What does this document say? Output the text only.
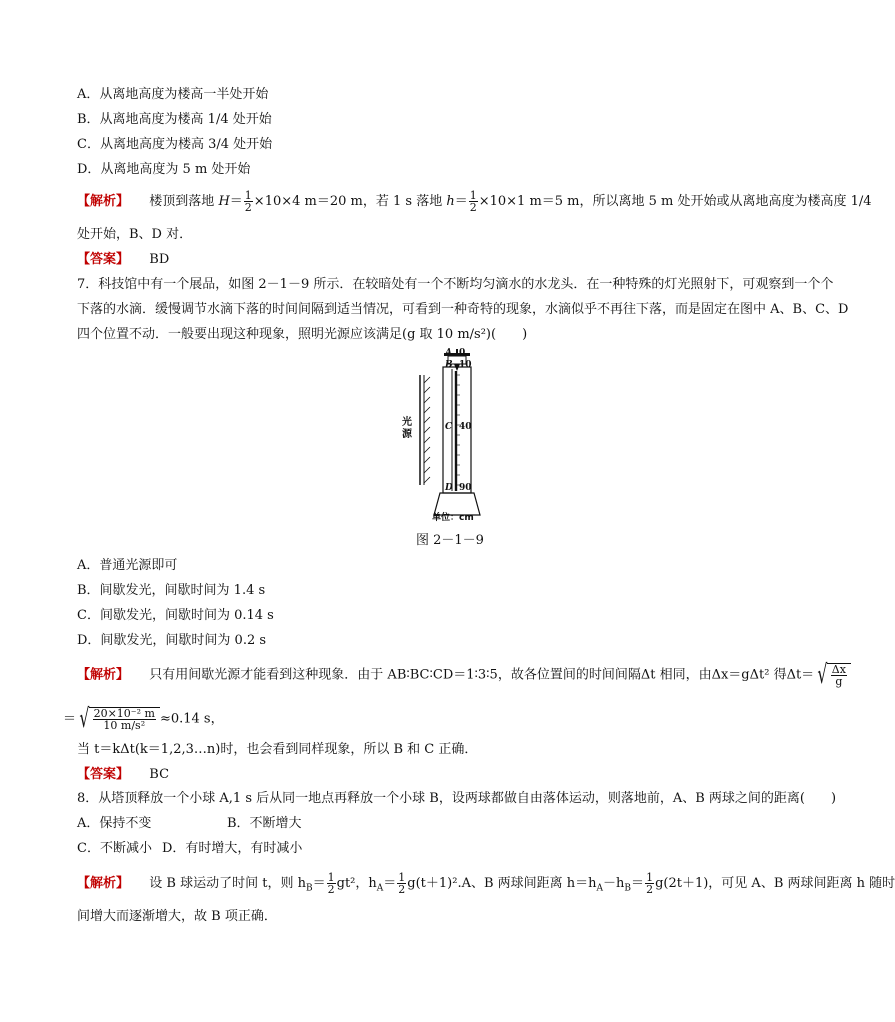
A．从离地高度为楼高一半处开始
B．从离地高度为楼高 1/4 处开始
C．从离地高度为楼高 3/4 处开始
D．从离地高度为 5 m 处开始
【解析】 楼顶到落地 $H= \frac{1}{2} \times 10\times 4$ m＝20 m，若 1 s 落地 $h= \frac{1}{2} \times 10\times 1$ m＝5 m，所以离地 5 m 处开始或从离地高度为楼高度 1/4
处开始，B、D 对．
【答案】 BD
7．科技馆中有一个展品，如图 2－1－9 所示．在较暗处有一个不断均匀滴水的水龙头．在一种特殊的灯光照射下，可观察到一个个
下落的水滴．缓慢调节水滴下落的时间间隔到适当情况，可看到一种奇特的现象，水滴似乎不再往下落，而是固定在图中 A、B、C、D
四个位置不动．一般要出现这种现象，照明光源应该满足(g 取 10 m/s²)(　　)
光源
A
B
C
D
0
10
40
90
单位：cm
图 2－1－9
A．普通光源即可
B．间歇发光，间歇时间为 1.4 s
C．间歇发光，间歇时间为 0.14 s
D．间歇发光，间歇时间为 0.2 s
【解析】 只有用间歇光源才能看到这种现象．由于 AB∶BC∶CD＝1∶3∶5，故各位置间的时间间隔Δt 相同，由Δx＝gΔt² 得Δt＝ √ $\frac{\Delta x}{g}$
＝ √ $\frac{\text{20×10⁻² m}}{\text{10 m/s²}} \approx 0.14$ s，
当 t＝kΔt(k＝1,2,3…n)时，也会看到同样现象，所以 B 和 C 正确．
【答案】 BC
8．从塔顶释放一个小球 A,1 s 后从同一地点再释放一个小球 B，设两球都做自由落体运动，则落地前，A、B 两球之间的距离(　　)
A．保持不变	B．不断增大
C．不断减小 D．有时增大，有时减小
【解析】 设 B 球运动了时间 t，则 $h_B= \frac{1}{2} gt^2$，$h_A= \frac{1}{2} g(t+1)^2.A$、B 两球间距离 $h=h_A-h_B= \frac{1}{2} g(2t+1)$，可见 A、B 两球间距离 h 随时
间增大而逐渐增大，故 B 项正确．
